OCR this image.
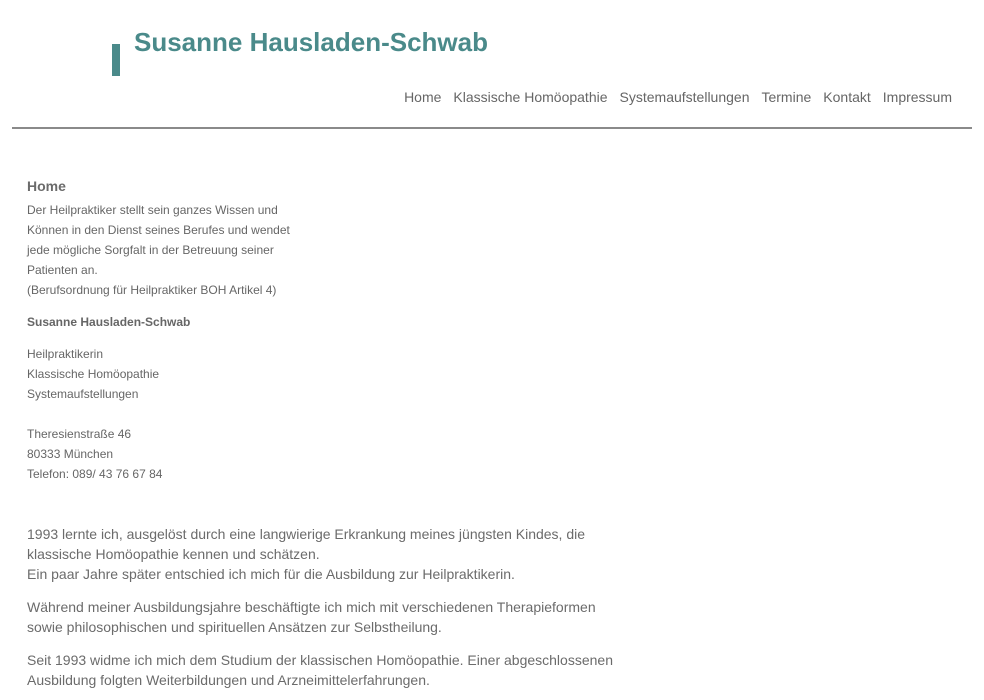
Susanne Hausladen-Schwab
Home Klassische Homöopathie Systemaufstellungen Termine Kontakt Impressum
Home

Der Heilpraktiker stellt sein ganzes Wissen und

Können in den Dienst seines Berufes und wendet

jede mögliche Sorgfalt in der Betreuung seiner

Patienten an.

(Berufsordnung für Heilpraktiker BOH Artikel 4)

Susanne Hausladen-Schwab

Heilpraktikerin

Klassische Homöopathie

Systemaufstellungen

Theresienstraße 46

80333 München

Telefon: 089/ 43 76 67 84

1993 lernte ich, ausgelöst durch eine langwierige Erkrankung meines jüngsten Kindes, die

klassische Homöopathie kennen und schätzen.

Ein paar Jahre später entschied ich mich für die Ausbildung zur Heilpraktikerin.

Während meiner Ausbildungsjahre beschäftigte ich mich mit verschiedenen Therapieformen

sowie philosophischen und spirituellen Ansätzen zur Selbstheilung.

Seit 1993 widme ich mich dem Studium der klassischen Homöopathie. Einer abgeschlossenen

Ausbildung folgten Weiterbildungen und Arzneimittelerfahrungen.
